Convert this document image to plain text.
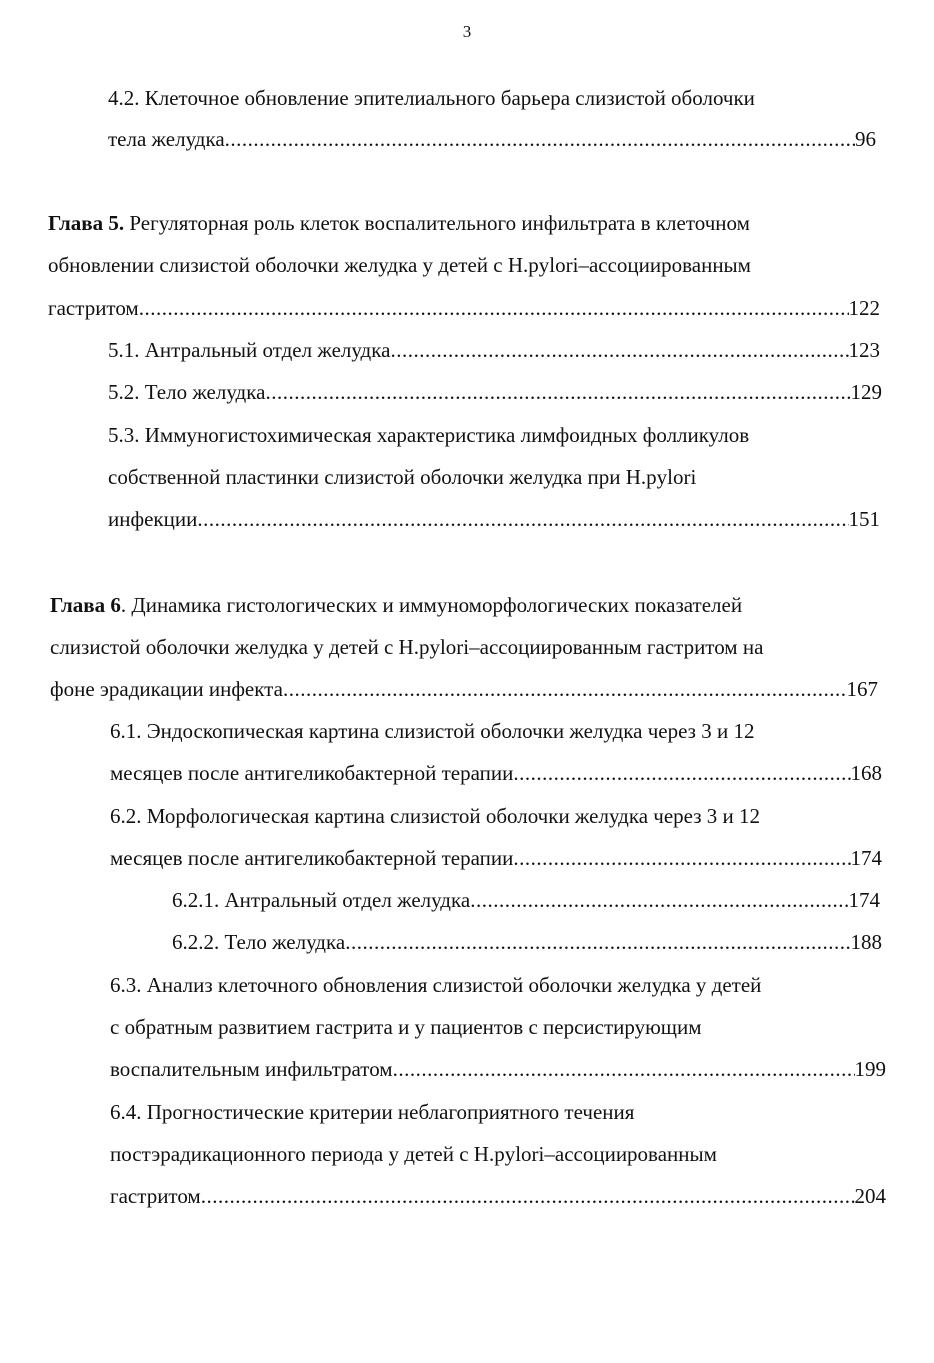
3
4.2. Клеточное обновление эпителиального барьера слизистой оболочки
тела желудка .....	96
Глава 5. Регуляторная роль клеток воспалительного инфильтрата в клеточном
обновлении слизистой оболочки желудка у детей с H.pylori–ассоциированным
гастритом .....	122
5.1. Антральный отдел желудка .....	123
5.2. Тело желудка .....	129
5.3. Иммуногистохимическая характеристика лимфоидных фолликулов
собственной пластинки слизистой оболочки желудка при H.pylori
инфекции .....	151
Глава 6. Динамика гистологических и иммуноморфологических показателей
слизистой оболочки желудка у детей с H.pylori–ассоциированным гастритом на
фоне эрадикации инфекта .....	167
6.1. Эндоскопическая картина слизистой оболочки желудка через 3 и 12
месяцев после антигеликобактерной терапии .....	168
6.2. Морфологическая картина слизистой оболочки желудка через 3 и 12
месяцев после антигеликобактерной терапии .....	174
6.2.1. Антральный отдел желудка .....	174
6.2.2. Тело желудка .....	188
6.3. Анализ клеточного обновления слизистой оболочки желудка у детей
с обратным развитием гастрита и у пациентов с персистирующим
воспалительным инфильтратом .....	199
6.4. Прогностические критерии неблагоприятного течения
постэрадикационного периода у детей с H.pylori–ассоциированным
гастритом .....	204
